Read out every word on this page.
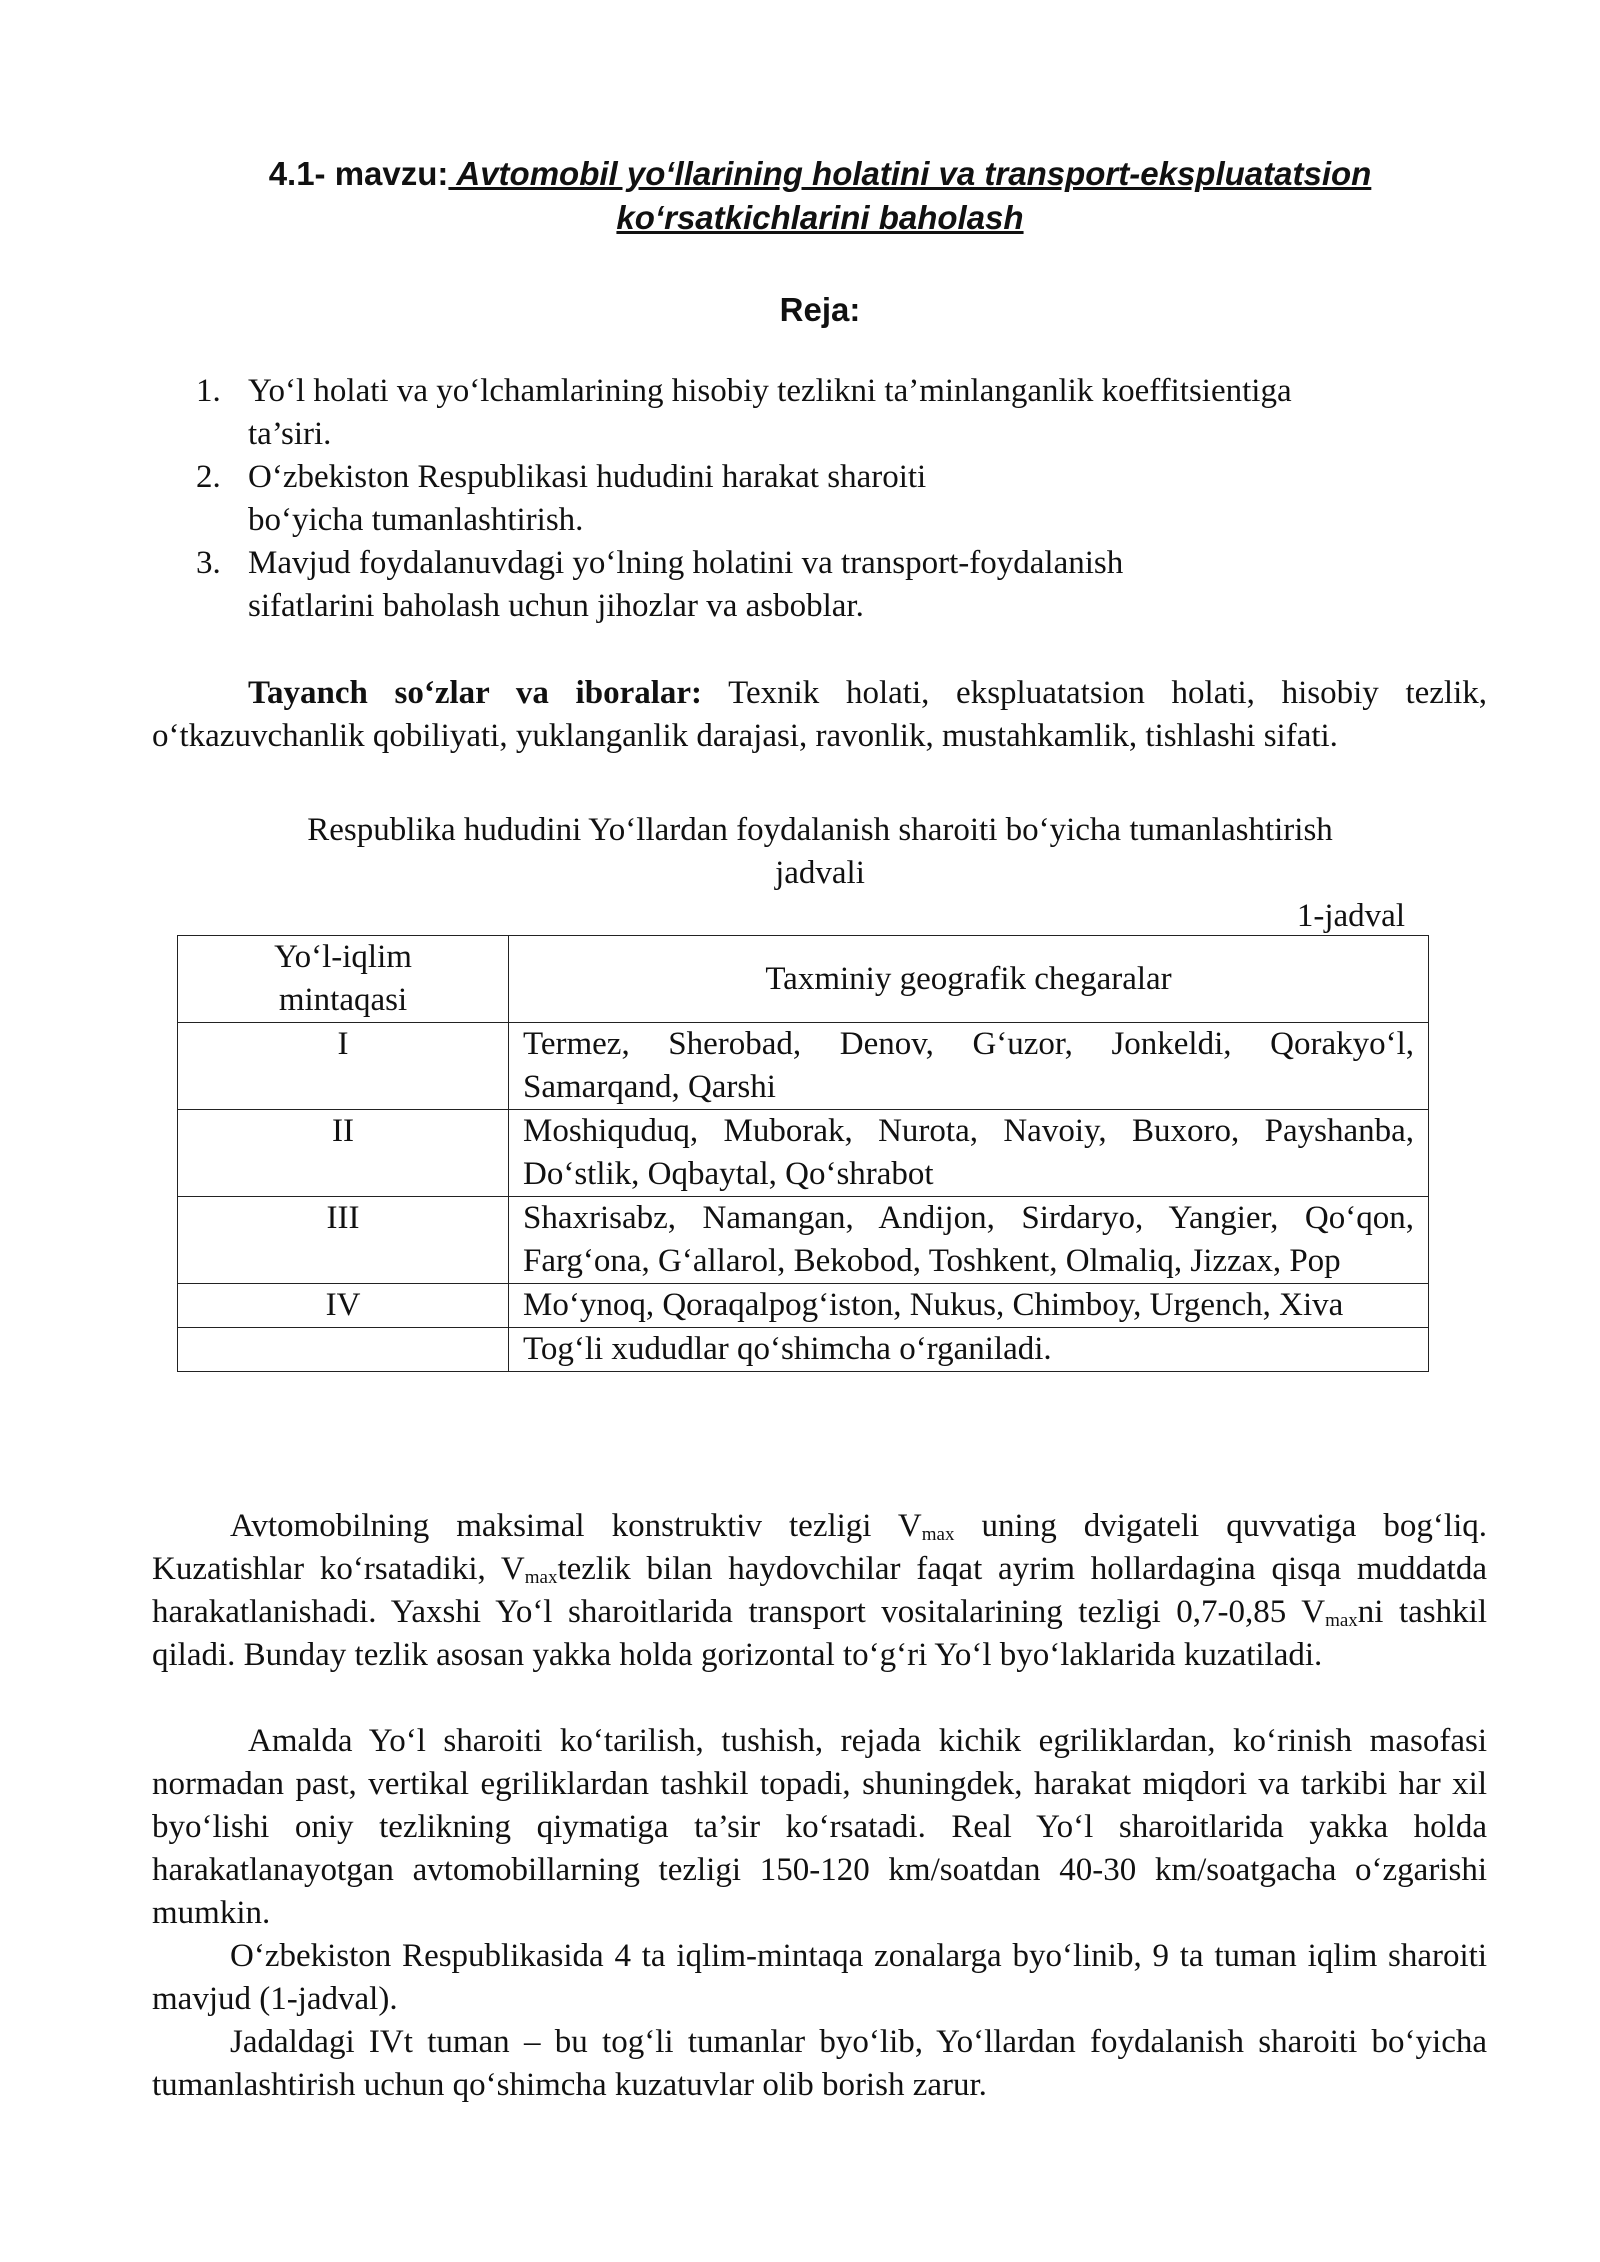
4.1- mavzu: Avtomobil yo‘llarining holatini va transport-ekspluatatsion
ko‘rsatkichlarini baholash
Reja:
1. Yo‘l holati va yo‘lchamlarining hisobiy tezlikni ta’minlanganlik koeffitsientiga ta’siri.
2. O‘zbekiston Respublikasi hududini harakat sharoiti bo‘yicha tumanlashtirish.
3. Mavjud foydalanuvdagi yo‘lning holatini va transport-foydalanish sifatlarini baholash uchun jihozlar va asboblar.
Tayanch so‘zlar va iboralar: Texnik holati, ekspluatatsion holati, hisobiy tezlik, o‘tkazuvchanlik qobiliyati, yuklanganlik darajasi, ravonlik, mustahkamlik, tishlashi sifati.
Respublika hududini Yo‘llardan foydalanish sharoiti bo‘yicha tumanlashtirish
jadvali
1-jadval
Yo‘l-iqlim mintaqasi	Taxminiy geografik chegaralar
I	Termez, Sherobad, Denov, G‘uzor, Jonkeldi, Qorakyo‘l, Samarqand, Qarshi
II	Moshiquduq, Muborak, Nurota, Navoiy, Buxoro, Payshanba, Do‘stlik, Oqbaytal, Qo‘shrabot
III	Shaxrisabz, Namangan, Andijon, Sirdaryo, Yangier, Qo‘qon, Farg‘ona, G‘allarol, Bekobod, Toshkent, Olmaliq, Jizzax, Pop
IV	Mo‘ynoq, Qoraqalpog‘iston, Nukus, Chimboy, Urgench, Xiva
	Tog‘li xududlar qo‘shimcha o‘rganiladi.
Avtomobilning maksimal konstruktiv tezligi $V_{max}$ uning dvigateli quvvatiga bog‘liq. Kuzatishlar ko‘rsatadiki, $V_{max}tezlik$ bilan haydovchilar faqat ayrim hollardagina qisqa muddatda harakatlanishadi. Yaxshi Yo‘l sharoitlarida transport vositalarining tezligi 0,7-0,85 $V_{max}ni$ tashkil qiladi. Bunday tezlik asosan yakka holda gorizontal to‘g‘ri Yo‘l byo‘laklarida kuzatiladi.
Amalda Yo‘l sharoiti ko‘tarilish, tushish, rejada kichik egriliklardan, ko‘rinish masofasi normadan past, vertikal egriliklardan tashkil topadi, shuningdek, harakat miqdori va tarkibi har xil byo‘lishi oniy tezlikning qiymatiga ta’sir ko‘rsatadi. Real Yo‘l sharoitlarida yakka holda harakatlanayotgan avtomobillarning tezligi 150-120 km/soatdan 40-30 km/soatgacha o‘zgarishi mumkin.
O‘zbekiston Respublikasida 4 ta iqlim-mintaqa zonalarga byo‘linib, 9 ta tuman iqlim sharoiti mavjud (1-jadval).
Jadaldagi IVt tuman – bu tog‘li tumanlar byo‘lib, Yo‘llardan foydalanish sharoiti bo‘yicha tumanlashtirish uchun qo‘shimcha kuzatuvlar olib borish zarur.
